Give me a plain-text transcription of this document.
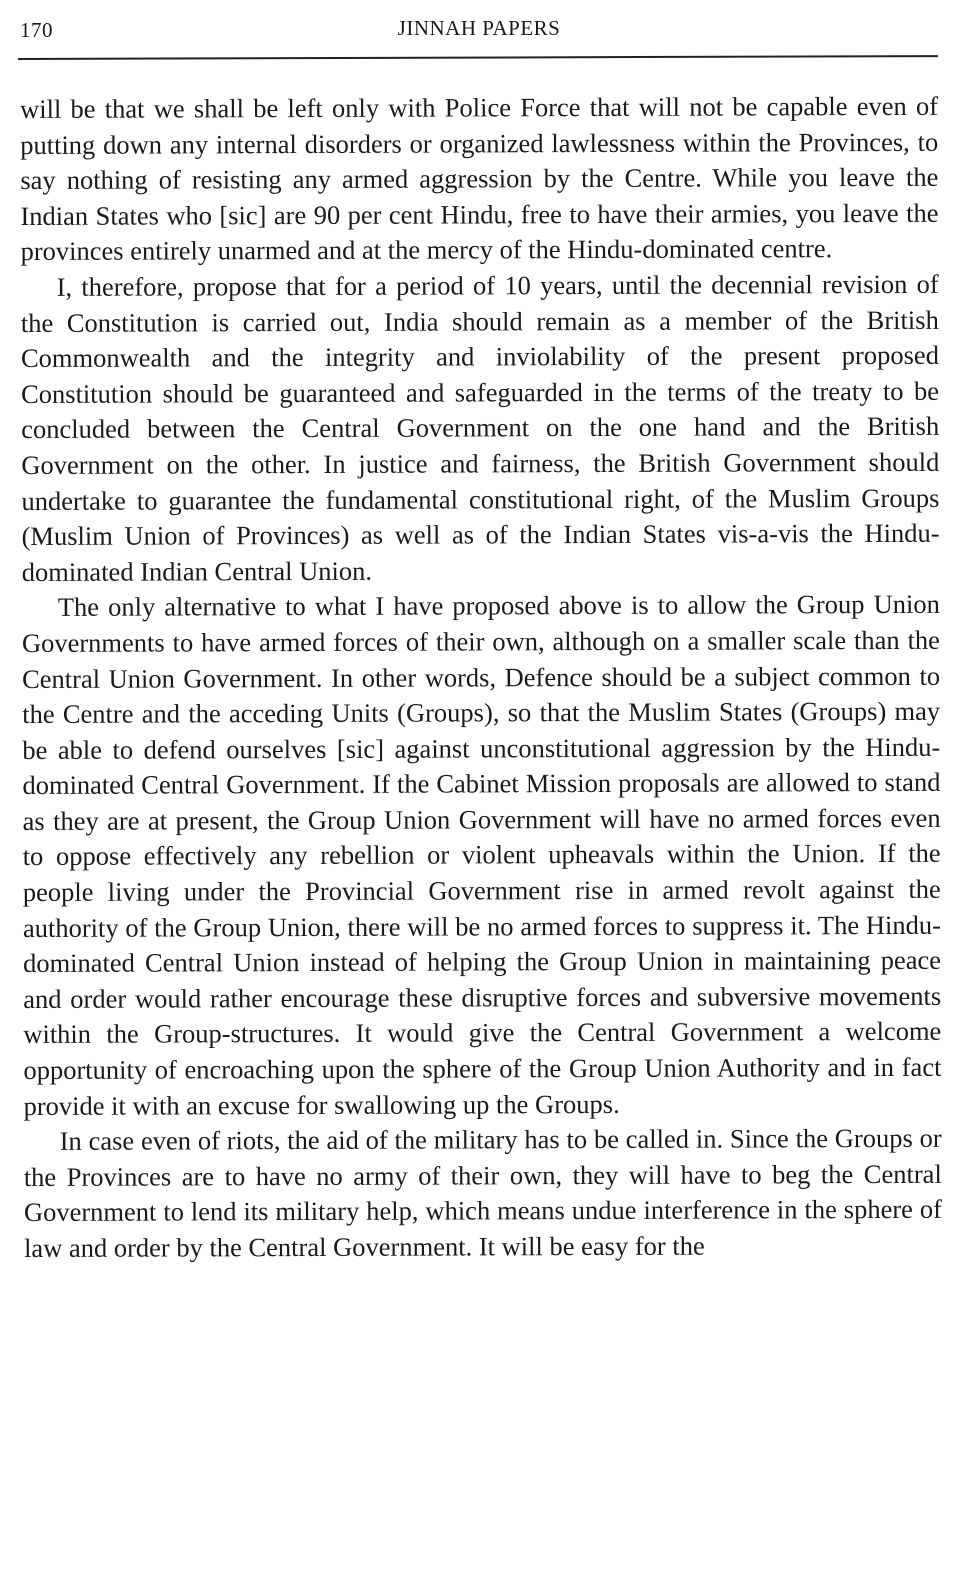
170	JINNAH PAPERS

will be that we shall be left only with Police Force that will not be capable even of putting down any internal disorders or organized lawlessness within the Provinces, to say nothing of resisting any armed aggression by the Centre. While you leave the Indian States who [sic] are 90 per cent Hindu, free to have their armies, you leave the provinces entirely unarmed and at the mercy of the Hindu-dominated centre.

I, therefore, propose that for a period of 10 years, until the decennial revision of the Constitution is carried out, India should remain as a member of the British Commonwealth and the integrity and inviolability of the present proposed Constitution should be guaranteed and safeguarded in the terms of the treaty to be concluded between the Central Government on the one hand and the British Government on the other. In justice and fairness, the British Government should undertake to guarantee the fundamental constitutional right, of the Muslim Groups (Muslim Union of Provinces) as well as of the Indian States vis-a-vis the Hindu-dominated Indian Central Union.

The only alternative to what I have proposed above is to allow the Group Union Governments to have armed forces of their own, although on a smaller scale than the Central Union Government. In other words, Defence should be a subject common to the Centre and the acceding Units (Groups), so that the Muslim States (Groups) may be able to defend ourselves [sic] against unconstitutional aggression by the Hindu-dominated Central Government. If the Cabinet Mission proposals are allowed to stand as they are at present, the Group Union Government will have no armed forces even to oppose effectively any rebellion or violent upheavals within the Union. If the people living under the Provincial Government rise in armed revolt against the authority of the Group Union, there will be no armed forces to suppress it. The Hindu-dominated Central Union instead of helping the Group Union in maintaining peace and order would rather encourage these disruptive forces and subversive movements within the Group-structures. It would give the Central Government a welcome opportunity of encroaching upon the sphere of the Group Union Authority and in fact provide it with an excuse for swallowing up the Groups.

In case even of riots, the aid of the military has to be called in. Since the Groups or the Provinces are to have no army of their own, they will have to beg the Central Government to lend its military help, which means undue interference in the sphere of law and order by the Central Government. It will be easy for the
